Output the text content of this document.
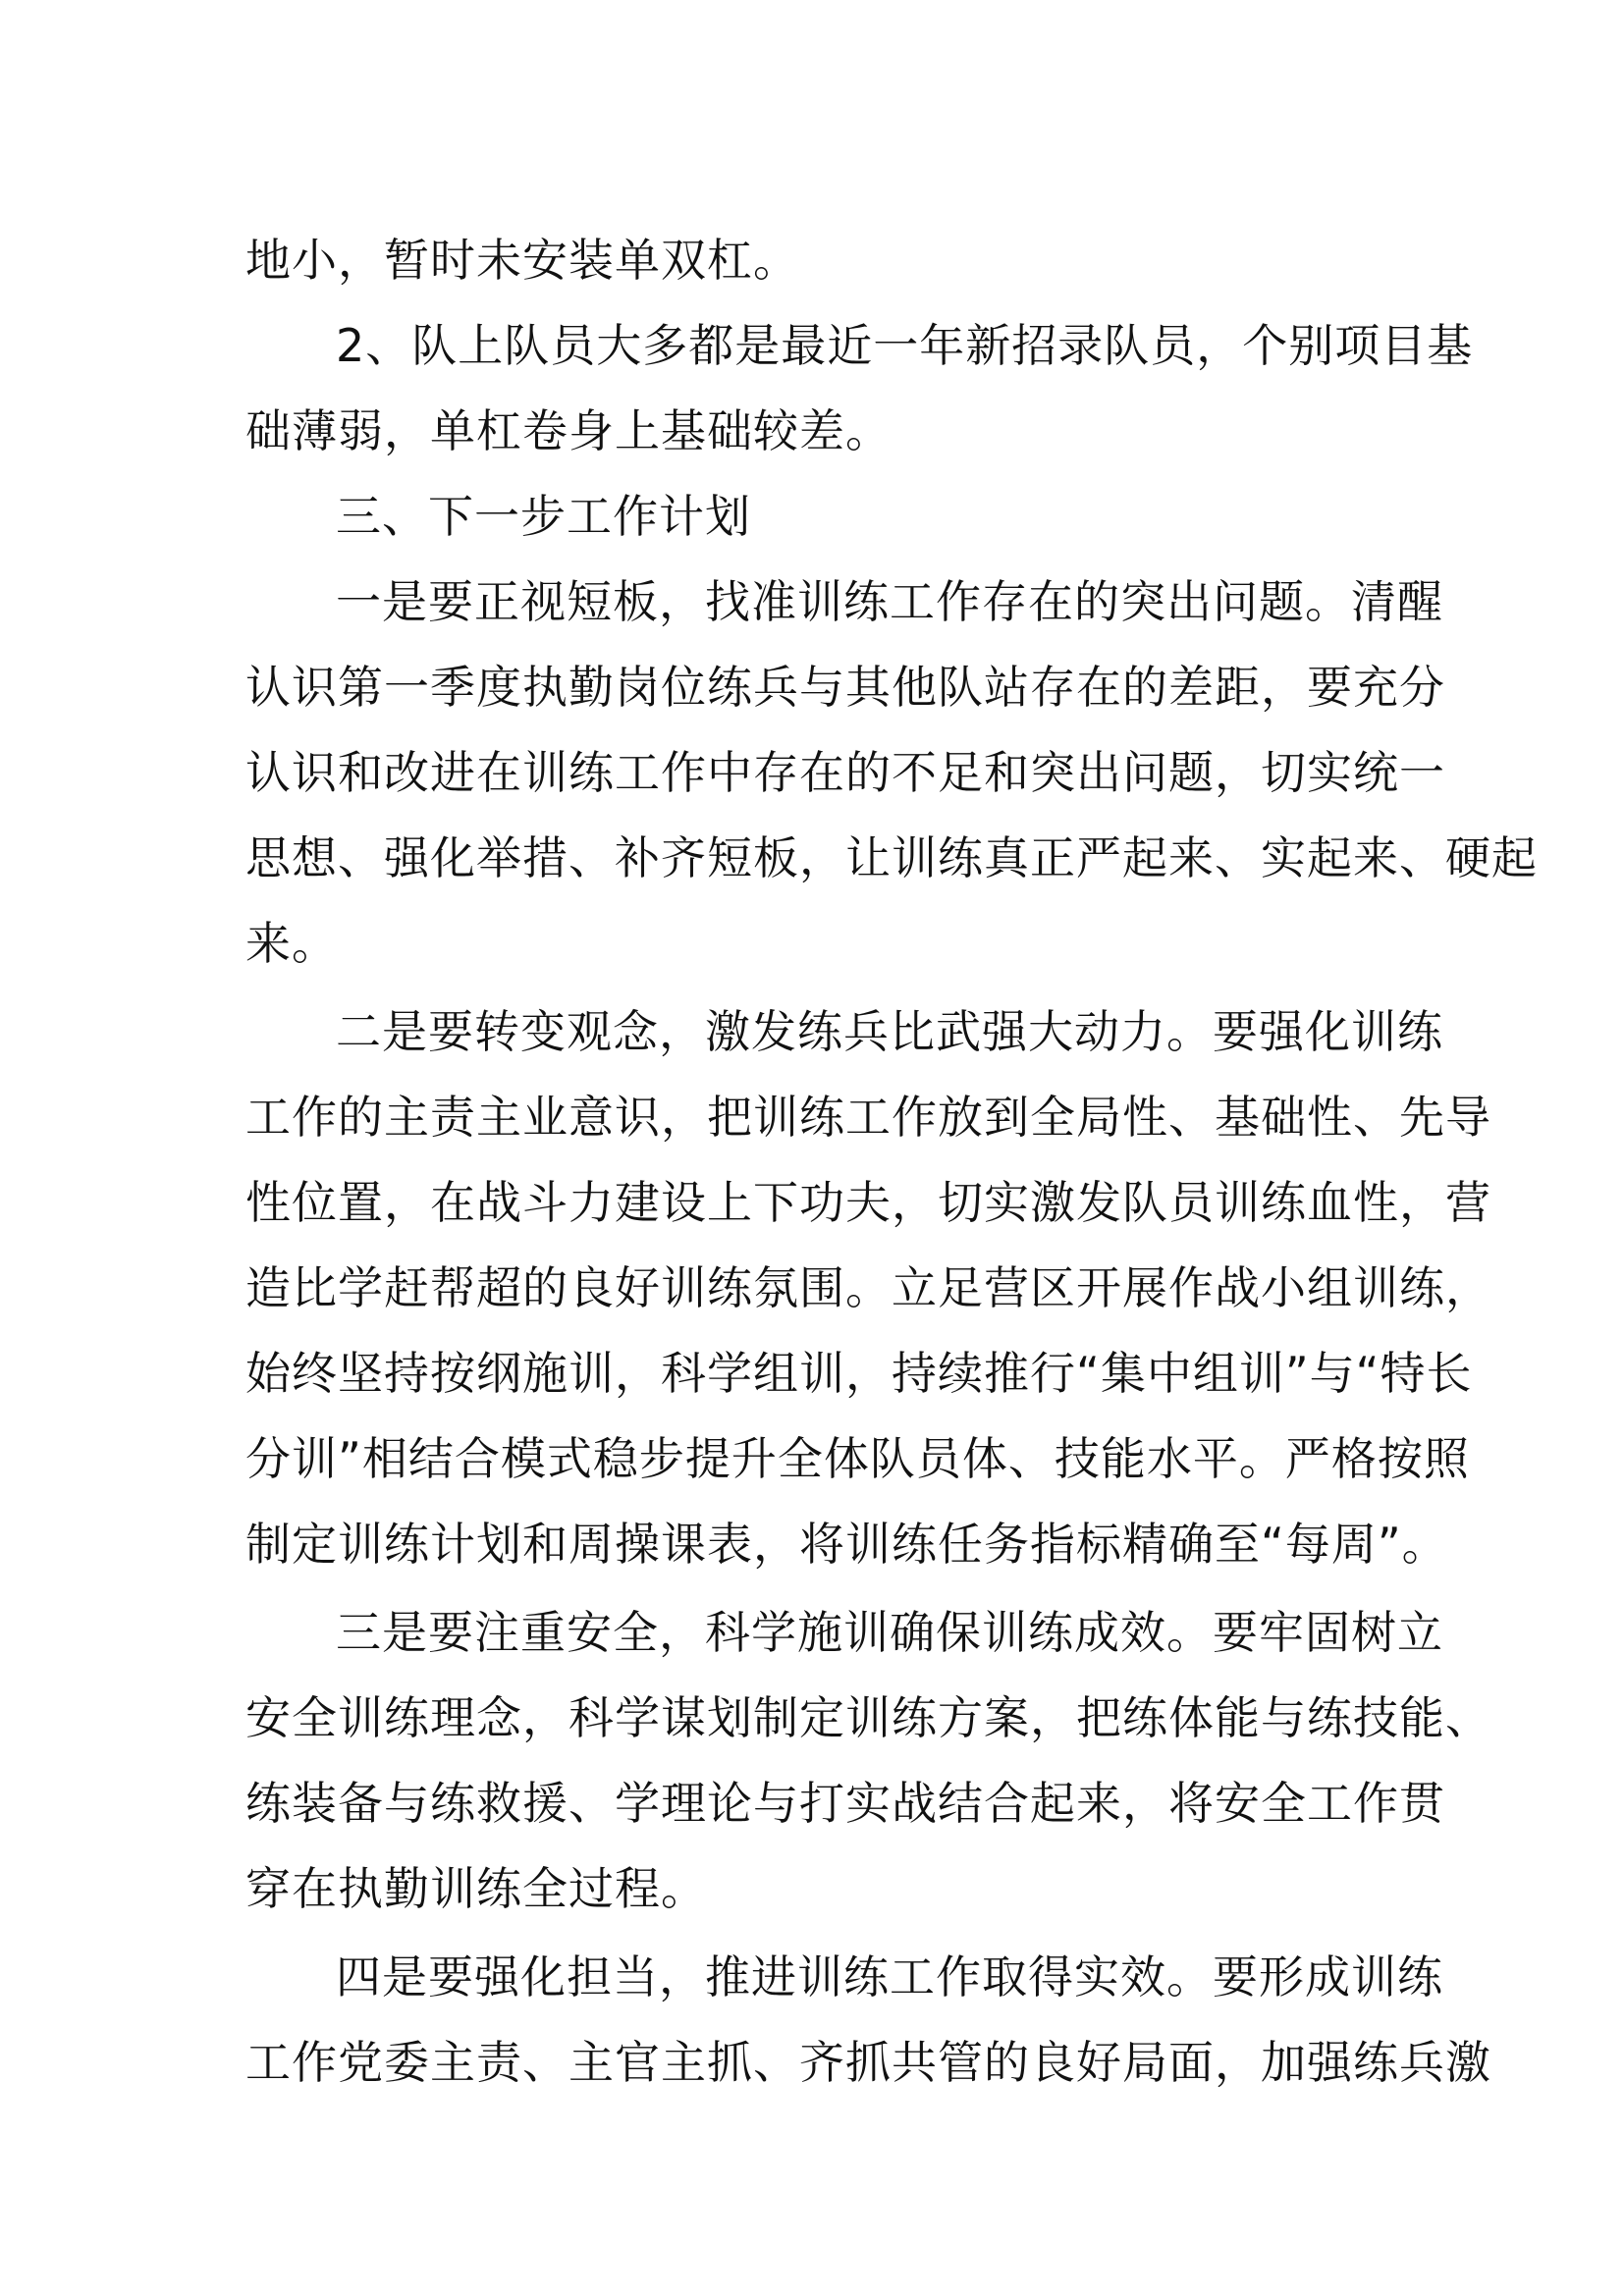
地小，暂时未安装单双杠。
2、队上队员大多都是最近一年新招录队员，个别项目基
础薄弱，单杠卷身上基础较差。
三、下一步工作计划
一是要正视短板，找准训练工作存在的突出问题。清醒
认识第一季度执勤岗位练兵与其他队站存在的差距，要充分
认识和改进在训练工作中存在的不足和突出问题，切实统一
思想、强化举措、补齐短板，让训练真正严起来、实起来、硬起
来。
二是要转变观念，激发练兵比武强大动力。要强化训练
工作的主责主业意识，把训练工作放到全局性、基础性、先导
性位置，在战斗力建设上下功夫，切实激发队员训练血性，营
造比学赶帮超的良好训练氛围。立足营区开展作战小组训练，
始终坚持按纲施训，科学组训，持续推行“集中组训”与“特长
分训”相结合模式稳步提升全体队员体、技能水平。严格按照
制定训练计划和周操课表，将训练任务指标精确至“每周”。
三是要注重安全，科学施训确保训练成效。要牢固树立
安全训练理念，科学谋划制定训练方案，把练体能与练技能、
练装备与练救援、学理论与打实战结合起来，将安全工作贯
穿在执勤训练全过程。
四是要强化担当，推进训练工作取得实效。要形成训练
工作党委主责、主官主抓、齐抓共管的良好局面，加强练兵激
